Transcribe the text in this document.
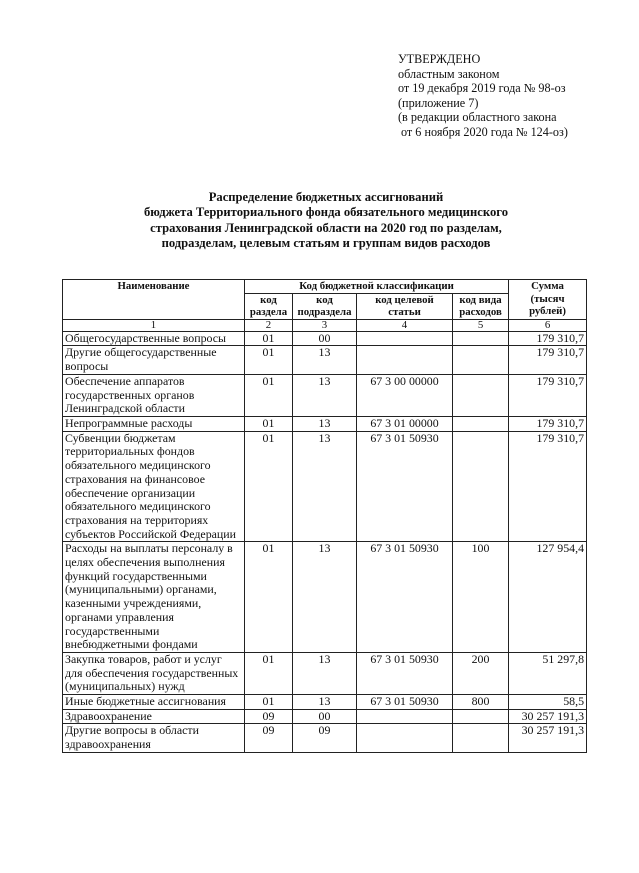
УТВЕРЖДЕНО
областным законом
от 19 декабря 2019 года № 98-оз
(приложение 7)
(в редакции областного закона
от 6 ноября 2020 года № 124-оз)
Распределение бюджетных ассигнований
бюджета Территориального фонда обязательного медицинского
страхования Ленинградской области на 2020 год по разделам,
подразделам, целевым статьям и группам видов расходов
Наименование	Код бюджетной классификации				Сумма
(тысяч рублей)

	код раздела	код подраздела	код целевой статьи	код вида расходов	
1	2	3	4	5	6
Общегосударственные вопросы	01	00			179 310,7
Другие общегосударственные вопросы	01	13			179 310,7
Обеспечение аппаратов государственных органов Ленинградской области	01	13	67 3 00 00000		179 310,7
Непрограммные расходы	01	13	67 3 01 00000		179 310,7
Субвенции бюджетам территориальных фондов обязательного медицинского страхования на финансовое обеспечение организации обязательного медицинского страхования на территориях субъектов Российской Федерации	01	13	67 3 01 50930		179 310,7
Расходы на выплаты персоналу в целях обеспечения выполнения функций государственными (муниципальными) органами, казенными учреждениями, органами управления государственными внебюджетными фондами	01	13	67 3 01 50930	100	127 954,4
Закупка товаров, работ и услуг для обеспечения государственных (муниципальных) нужд	01	13	67 3 01 50930	200	51 297,8
Иные бюджетные ассигнования	01	13	67 3 01 50930	800	58,5
Здравоохранение	09	00			30 257 191,3
Другие вопросы в области здравоохранения	09	09			30 257 191,3
